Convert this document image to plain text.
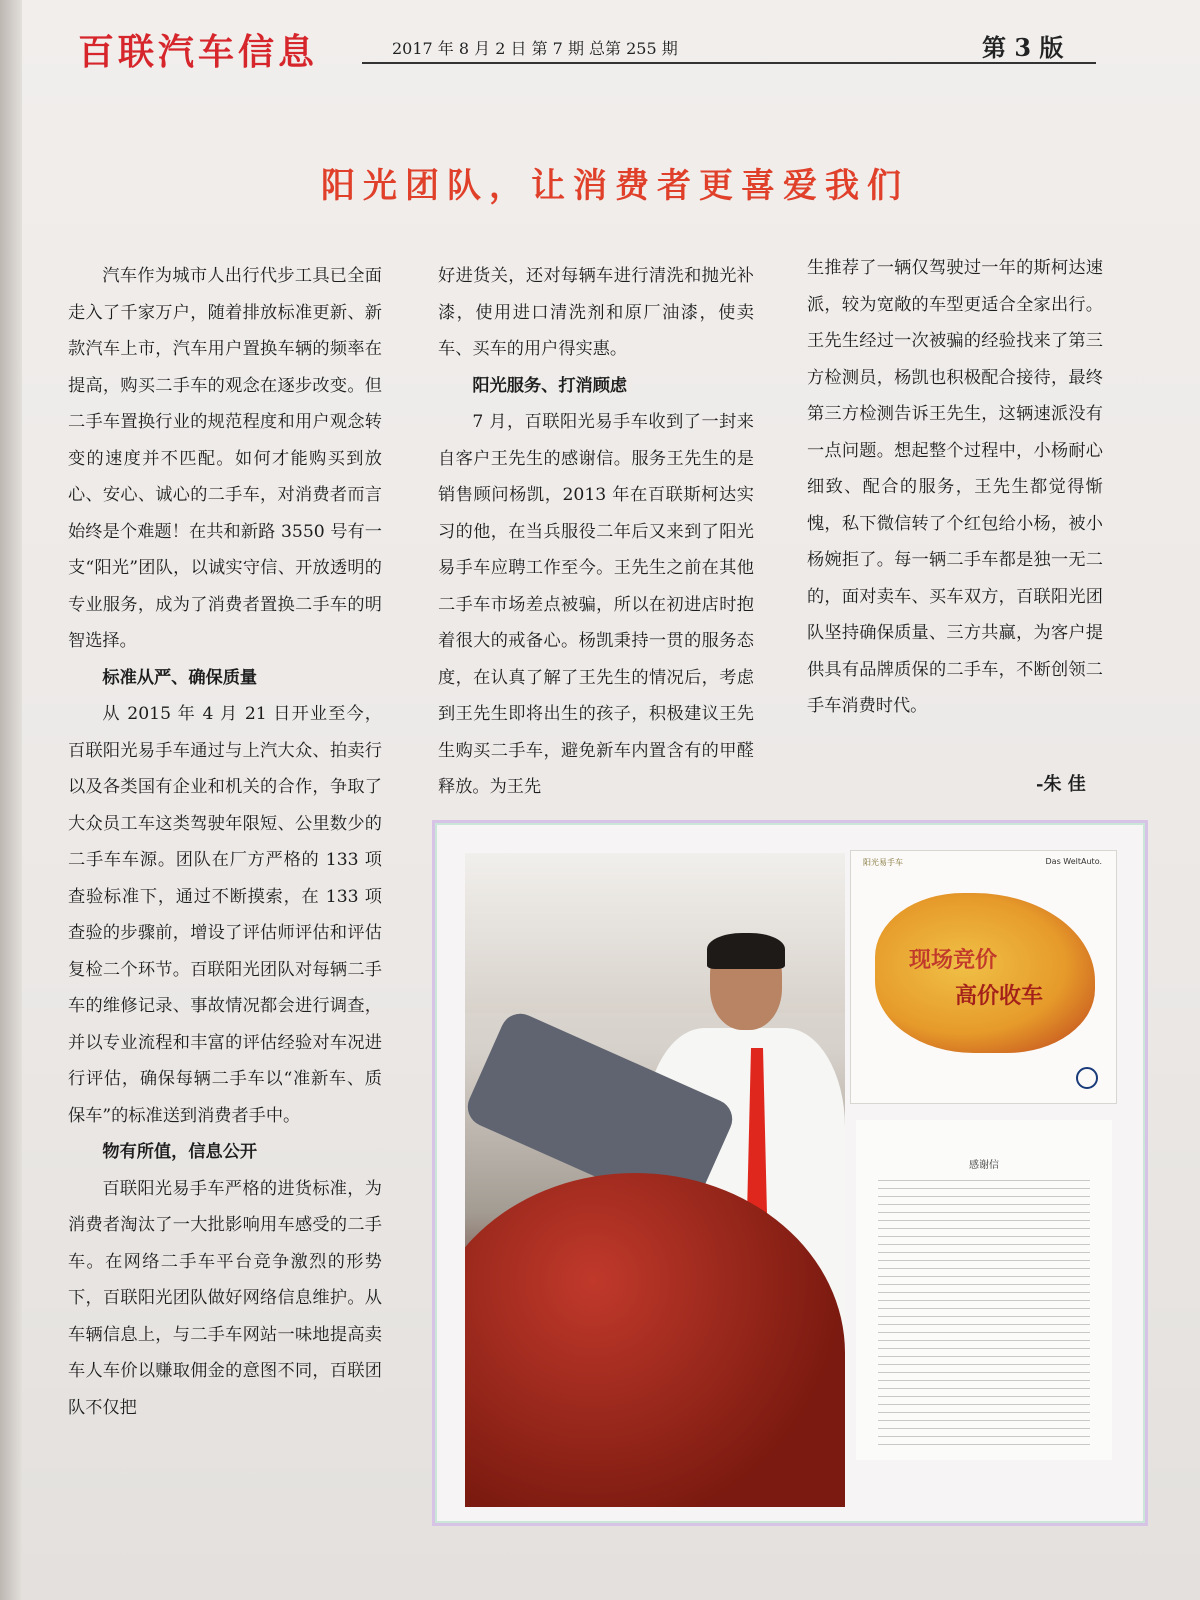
百联汽车信息	2017 年 8 月 2 日 第 7 期 总第 255 期	第 3 版
阳光团队，让消费者更喜爱我们

汽车作为城市人出行代步工具已全面走入了千家万户，随着排放标准更新、新款汽车上市，汽车用户置换车辆的频率在提高，购买二手车的观念在逐步改变。但二手车置换行业的规范程度和用户观念转变的速度并不匹配。如何才能购买到放心、安心、诚心的二手车，对消费者而言始终是个难题！在共和新路 3550 号有一支“阳光”团队，以诚实守信、开放透明的专业服务，成为了消费者置换二手车的明智选择。

标准从严、确保质量

从 2015 年 4 月 21 日开业至今，百联阳光易手车通过与上汽大众、拍卖行以及各类国有企业和机关的合作，争取了大众员工车这类驾驶年限短、公里数少的二手车车源。团队在厂方严格的 133 项查验标准下，通过不断摸索，在 133 项查验的步骤前，增设了评估师评估和评估复检二个环节。百联阳光团队对每辆二手车的维修记录、事故情况都会进行调查，并以专业流程和丰富的评估经验对车况进行评估，确保每辆二手车以“准新车、质保车”的标准送到消费者手中。

物有所值，信息公开

百联阳光易手车严格的进货标准，为消费者淘汰了一大批影响用车感受的二手车。在网络二手车平台竞争激烈的形势下，百联阳光团队做好网络信息维护。从车辆信息上，与二手车网站一味地提高卖车人车价以赚取佣金的意图不同，百联团队不仅把

好进货关，还对每辆车进行清洗和抛光补漆，使用进口清洗剂和原厂油漆，使卖车、买车的用户得实惠。

阳光服务、打消顾虑

7 月，百联阳光易手车收到了一封来自客户王先生的感谢信。服务王先生的是销售顾问杨凯，2013 年在百联斯柯达实习的他，在当兵服役二年后又来到了阳光易手车应聘工作至今。王先生之前在其他二手车市场差点被骗，所以在初进店时抱着很大的戒备心。杨凯秉持一贯的服务态度，在认真了解了王先生的情况后，考虑到王先生即将出生的孩子，积极建议王先生购买二手车，避免新车内置含有的甲醛释放。为王先

生推荐了一辆仅驾驶过一年的斯柯达速派，较为宽敞的车型更适合全家出行。王先生经过一次被骗的经验找来了第三方检测员，杨凯也积极配合接待，最终第三方检测告诉王先生，这辆速派没有一点问题。想起整个过程中，小杨耐心细致、配合的服务，王先生都觉得惭愧，私下微信转了个红包给小杨，被小杨婉拒了。每一辆二手车都是独一无二的，面对卖车、买车双方，百联阳光团队坚持确保质量、三方共赢，为客户提供具有品牌质保的二手车，不断创领二手车消费时代。

-朱 佳
阳光易手车	Das WeltAuto.
现场竞价
高价收车
感谢信
